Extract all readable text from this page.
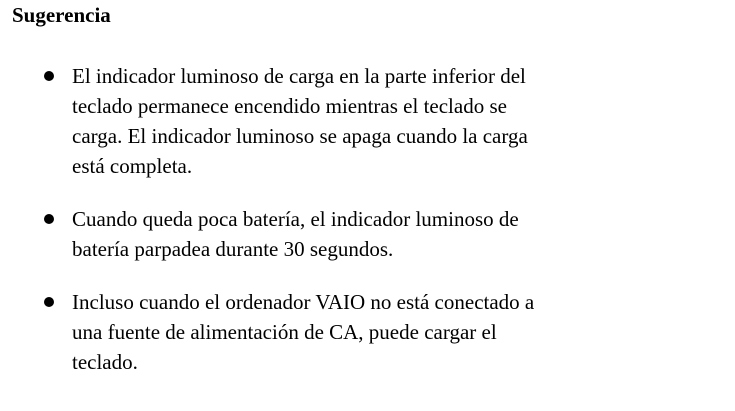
Sugerencia
El indicador luminoso de carga en la parte inferior del teclado permanece encendido mientras el teclado se carga. El indicador luminoso se apaga cuando la carga está completa.
Cuando queda poca batería, el indicador luminoso de batería parpadea durante 30 segundos.
Incluso cuando el ordenador VAIO no está conectado a una fuente de alimentación de CA, puede cargar el teclado.
